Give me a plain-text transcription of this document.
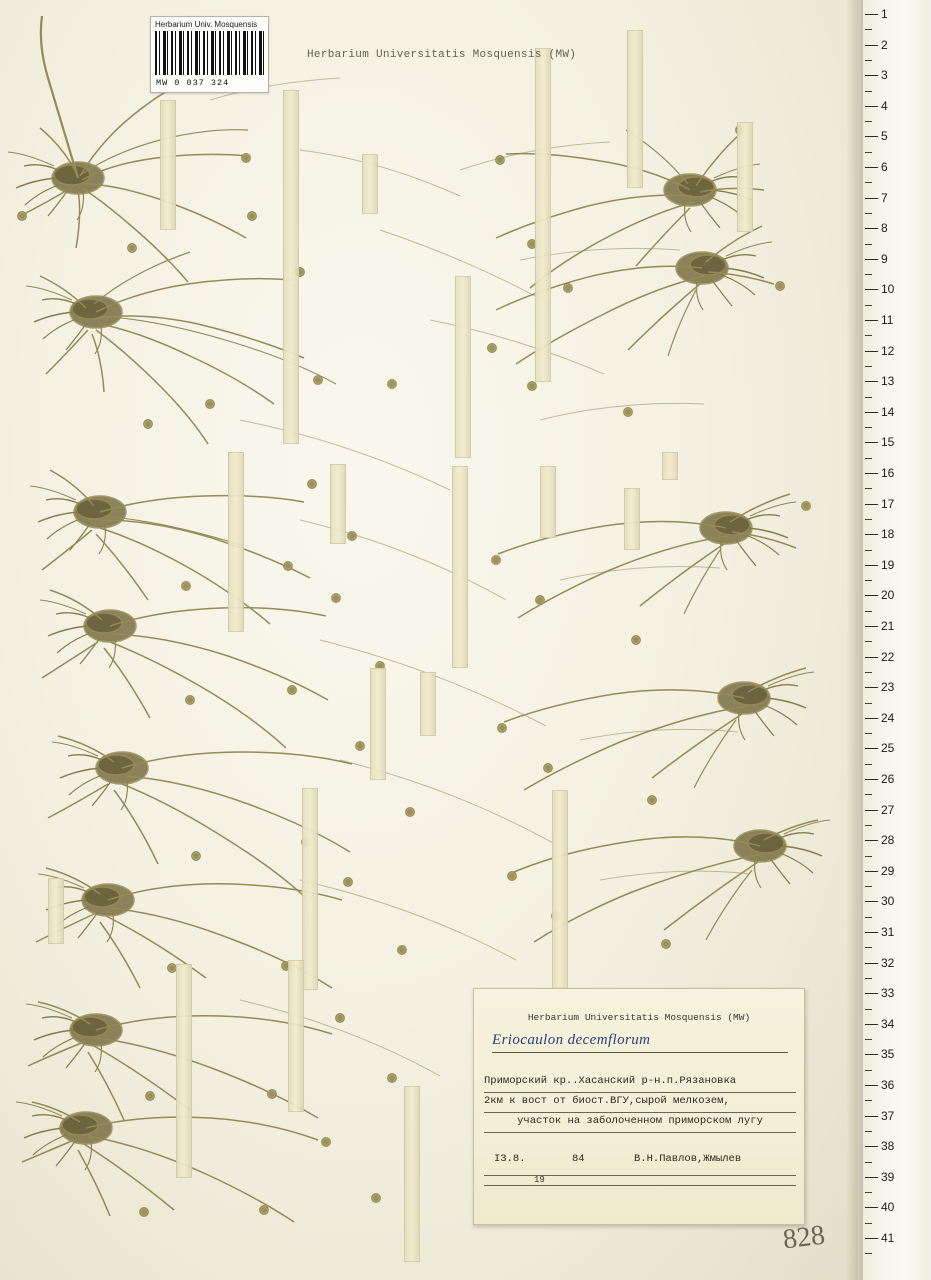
Herbarium Univ. Mosquensis
MW 0 037 324
Herbarium Universitatis Mosquensis (MW)
Herbarium Universitatis Mosquensis (MW)
Eriocaulon decemflorum
Приморский кр..Хасанский р-н.п.Рязановка
2км к вост от биост.ВГУ,сырой мелкозем,
участок на заболоченном приморском лугу
I3.8.	84	В.Н.Павлов,Жмылев
19
828
1
2
3
4
5
6
7
8
9
10
11
12
13
14
15
16
17
18
19
20
21
22
23
24
25
26
27
28
29
30
31
32
33
34
35
36
37
38
39
40
41
